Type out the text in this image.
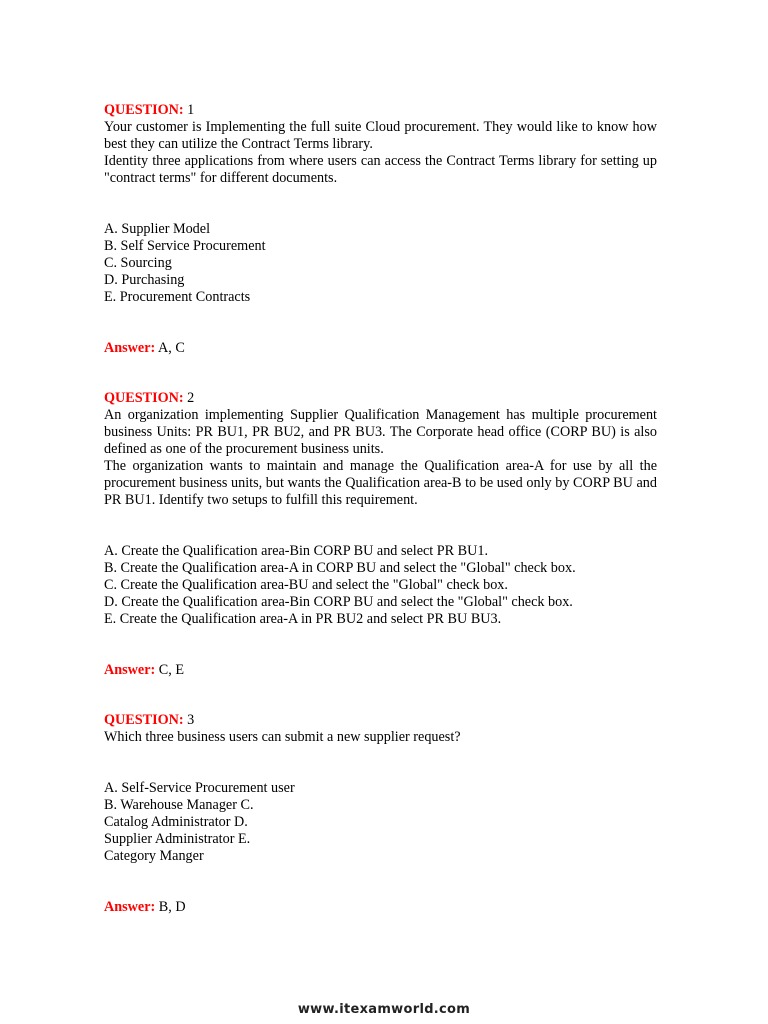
QUESTION: 1

Your customer is Implementing the full suite Cloud procurement. They would like to know how best they can utilize the Contract Terms library.

Identity three applications from where users can access the Contract Terms library for setting up "contract terms" for different documents.

A. Supplier Model
B. Self Service Procurement
C. Sourcing
D. Purchasing
E. Procurement Contracts
Answer: A, C
QUESTION: 2

An organization implementing Supplier Qualification Management has multiple procurement business Units: PR BU1, PR BU2, and PR BU3. The Corporate head office (CORP BU) is also defined as one of the procurement business units.

The organization wants to maintain and manage the Qualification area-A for use by all the procurement business units, but wants the Qualification area-B to be used only by CORP BU and PR BU1. Identify two setups to fulfill this requirement.

A. Create the Qualification area-Bin CORP BU and select PR BU1.
B. Create the Qualification area-A in CORP BU and select the "Global" check box.
C. Create the Qualification area-BU and select the "Global" check box.
D. Create the Qualification area-Bin CORP BU and select the "Global" check box.
E. Create the Qualification area-A in PR BU2 and select PR BU BU3.
Answer: C, E
QUESTION: 3

Which three business users can submit a new supplier request?

A. Self-Service Procurement user
B. Warehouse Manager C.
Catalog Administrator D.
Supplier Administrator E.
Category Manger
Answer: B, D
www.itexamworld.com
